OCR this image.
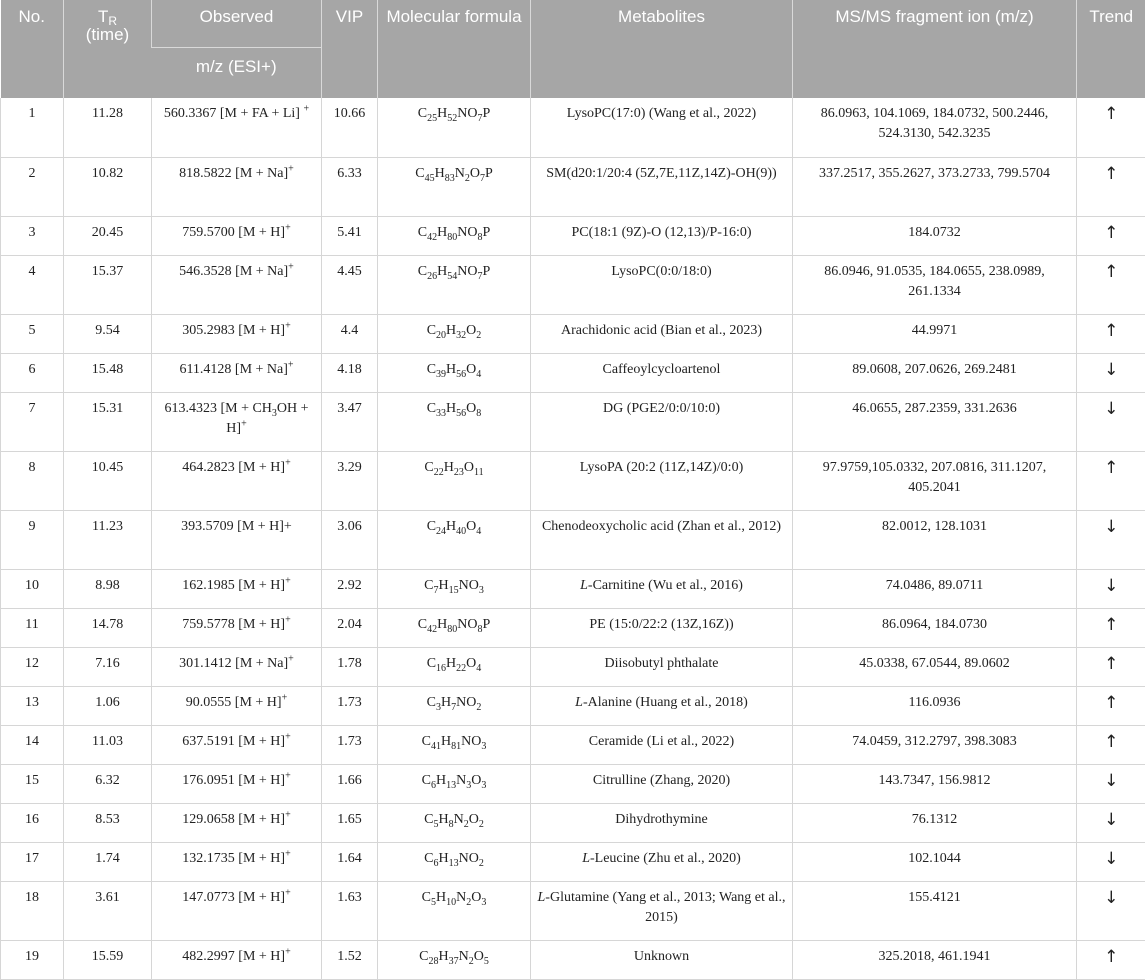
No.	$T_R$
(time)	Observed	VIP	Molecular formula	Metabolites	MS/MS fragment ion (m/z)	Trend
		m/z (ESI+)					
1	11.28	560.3367 [M + FA + Li] +	10.66	$C_{25}H_{52}NO_7P$	LysoPC(17:0) (Wang et al., 2022)	86.0963, 104.1069, 184.0732, 500.2446, 524.3130, 542.3235	↑
2	10.82	818.5822 [M + Na]+	6.33	$C_{45}H_{83}N_2O_7P$	SM(d20:1/20:4 (5Z,7E,11Z,14Z)-OH(9))	337.2517, 355.2627, 373.2733, 799.5704	↑
3	20.45	759.5700 [M + H]+	5.41	$C_{42}H_{80}NO_8P$	PC(18:1 (9Z)-O (12,13)/P-16:0)	184.0732	↑
4	15.37	546.3528 [M + Na]+	4.45	$C_{26}H_{54}NO_7P$	LysoPC(0:0/18:0)	86.0946, 91.0535, 184.0655, 238.0989, 261.1334	↑
5	9.54	305.2983 [M + H]+	4.4	$C_{20}H_{32}O_2$	Arachidonic acid (Bian et al., 2023)	44.9971	↑
6	15.48	611.4128 [M + Na]+	4.18	$C_{39}H_{56}O_4$	Caffeoylcycloartenol	89.0608, 207.0626, 269.2481	↓
7	15.31	613.4323 $[M + CH_3OH + H]^+$	3.47	$C_{33}H_{56}O_8$	DG (PGE2/0:0/10:0)	46.0655, 287.2359, 331.2636	↓
8	10.45	464.2823 [M + H]+	3.29	$C_{22}H_{23}O_{11}$	LysoPA (20:2 (11Z,14Z)/0:0)	97.9759,105.0332, 207.0816, 311.1207, 405.2041	↑
9	11.23	393.5709 [M + H]+	3.06	$C_{24}H_{40}O_4$	Chenodeoxycholic acid (Zhan et al., 2012)	82.0012, 128.1031	↓
10	8.98	162.1985 [M + H]+	2.92	$C_7H_{15}NO_3$	L-Carnitine (Wu et al., 2016)	74.0486, 89.0711	↓
11	14.78	759.5778 [M + H]+	2.04	$C_{42}H_{80}NO_8P$	PE (15:0/22:2 (13Z,16Z))	86.0964, 184.0730	↑
12	7.16	301.1412 [M + Na]+	1.78	$C_{16}H_{22}O_4$	Diisobutyl phthalate	45.0338, 67.0544, 89.0602	↑
13	1.06	90.0555 [M + H]+	1.73	$C_3H_7NO_2$	L-Alanine (Huang et al., 2018)	116.0936	↑
14	11.03	637.5191 [M + H]+	1.73	$C_{41}H_{81}NO_3$	Ceramide (Li et al., 2022)	74.0459, 312.2797, 398.3083	↑
15	6.32	176.0951 [M + H]+	1.66	$C_6H_{13}N_3O_3$	Citrulline (Zhang, 2020)	143.7347, 156.9812	↓
16	8.53	129.0658 [M + H]+	1.65	$C_5H_8N_2O_2$	Dihydrothymine	76.1312	↓
17	1.74	132.1735 [M + H]+	1.64	$C_6H_{13}NO_2$	L-Leucine (Zhu et al., 2020)	102.1044	↓
18	3.61	147.0773 [M + H]+	1.63	$C_5H_{10}N_2O_3$	L-Glutamine (Yang et al., 2013; Wang et al., 2015)	155.4121	↓
19	15.59	482.2997 [M + H]+	1.52	$C_{28}H_{37}N_2O_5$	Unknown	325.2018, 461.1941	↑
